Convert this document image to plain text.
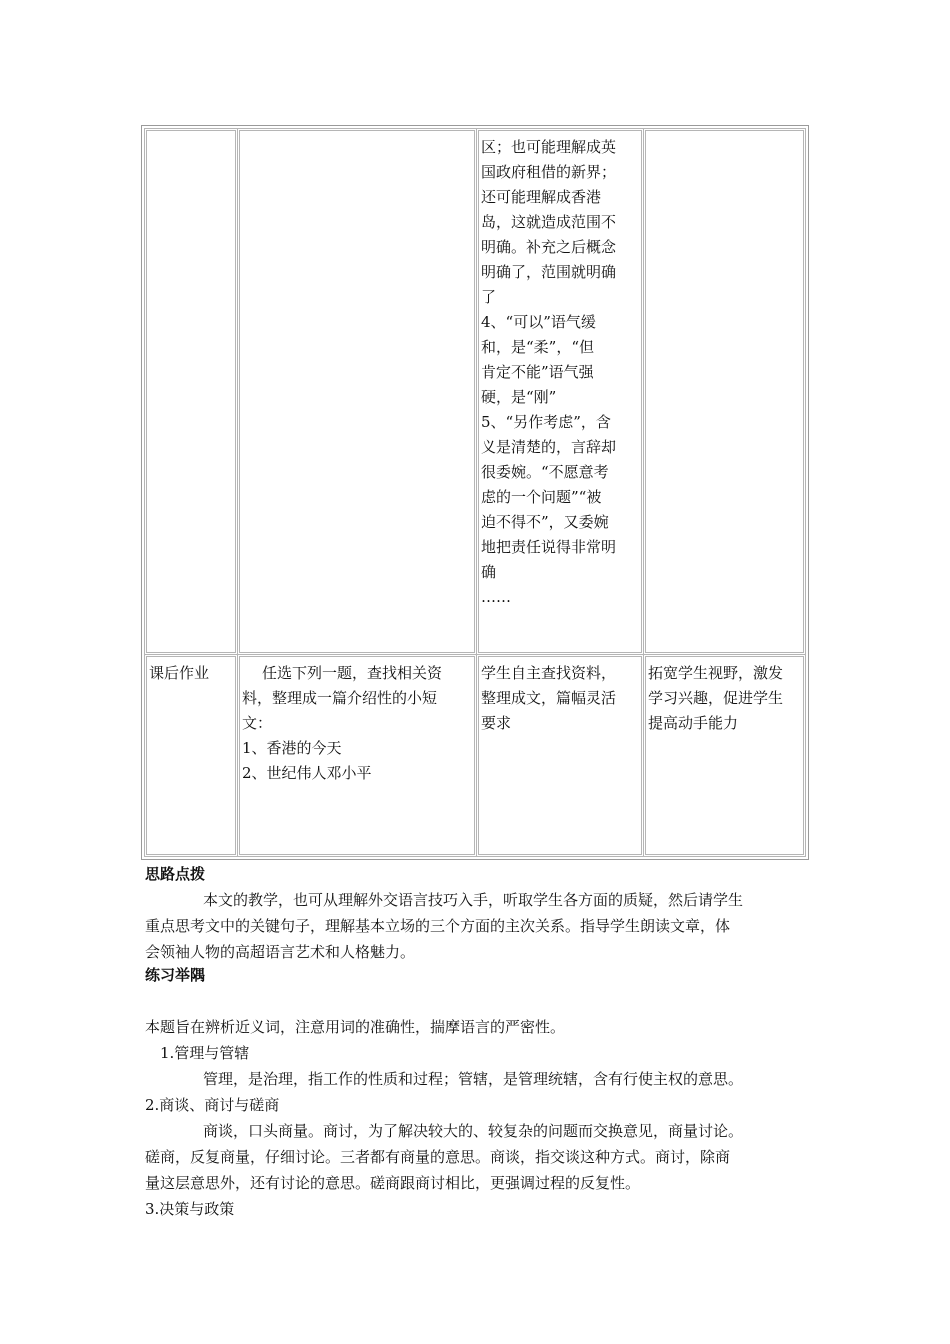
区；也可能理解成英
国政府租借的新界；
还可能理解成香港
岛，这就造成范围不
明确。补充之后概念
明确了，范围就明确
了
4、“可以”语气缓
和，是“柔”，“但
肯定不能”语气强
硬，是“刚”
5、“另作考虑”，含
义是清楚的，言辞却
很委婉。“不愿意考
虑的一个问题”“被
迫不得不”，又委婉
地把责任说得非常明
确
……
课后作业	任选下列一题，查找相关资
料，整理成一篇介绍性的小短
文：
1、香港的今天
2、世纪伟人邓小平
学生自主查找资料，
整理成文，篇幅灵活
要求
拓宽学生视野，激发
学习兴趣，促进学生
提高动手能力
思路点拨
本文的教学，也可从理解外交语言技巧入手，听取学生各方面的质疑，然后请学生
重点思考文中的关键句子，理解基本立场的三个方面的主次关系。指导学生朗读文章，体
会领袖人物的高超语言艺术和人格魅力。
练习举隅
本题旨在辨析近义词，注意用词的准确性，揣摩语言的严密性。
1.管理与管辖
管理，是治理，指工作的性质和过程；管辖，是管理统辖，含有行使主权的意思。
2.商谈、商讨与磋商
商谈，口头商量。商讨，为了解决较大的、较复杂的问题而交换意见，商量讨论。
磋商，反复商量，仔细讨论。三者都有商量的意思。商谈，指交谈这种方式。商讨，除商
量这层意思外，还有讨论的意思。磋商跟商讨相比，更强调过程的反复性。
3.决策与政策
